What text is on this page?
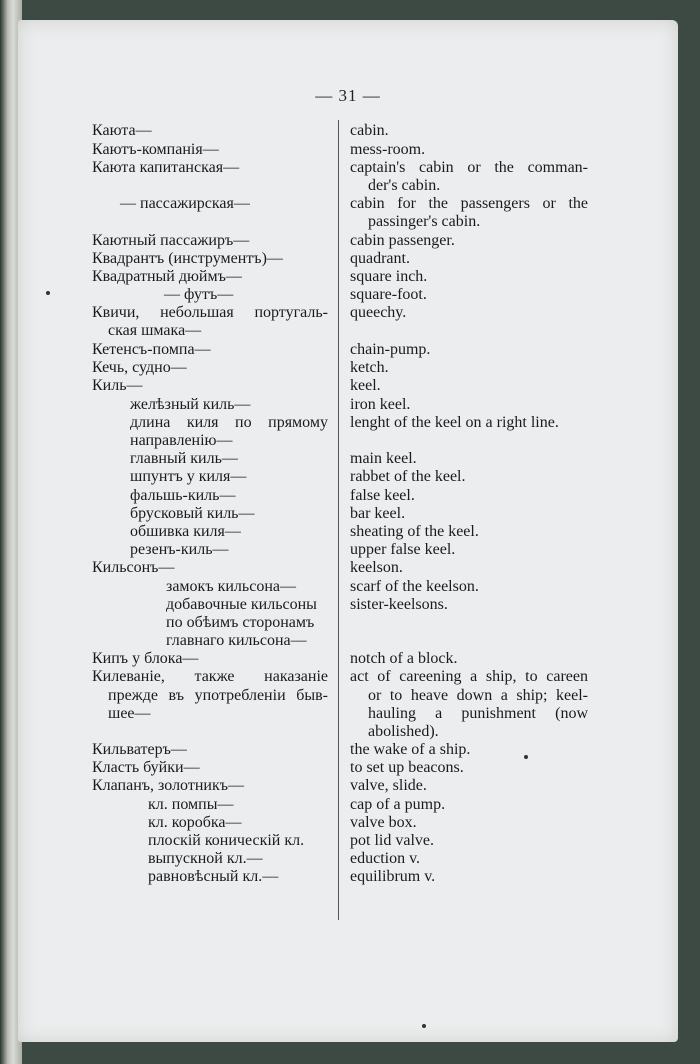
— 31 —
Каюта—
Каютъ-компанія—
Каюта капитанская—
— пассажирская—
Каютный пассажиръ—
Квадрантъ (инструментъ)—
Квадратный дюймъ—
— футъ—
Квичи, небольшая португаль-
ская шмака—
Кетенсъ-помпа—
Кечь, судно—
Киль—
желѣзный киль—
длина киля по прямому
направленію—
главный киль—
шпунтъ у киля—
фальшь-киль—
брусковый киль—
обшивка киля—
резенъ-киль—
Кильсонъ—
замокъ кильсона—
добавочные кильсоны
по обѣимъ сторонамъ
главнаго кильсона—
Кипъ у блока—
Килеваніе, также наказаніе
прежде въ употребленіи быв-
шее—
Кильватеръ—
Класть буйки—
Клапанъ, золотникъ—
кл. помпы—
кл. коробка—
плоскій коническій кл.
выпускной кл.—
равновѣсный кл.—
cabin.
mess-room.
captain's cabin or the comman-
der's cabin.
cabin for the passengers or the
passinger's cabin.
cabin passenger.
quadrant.
square inch.
square-foot.
queechy.
chain-pump.
ketch.
keel.
iron keel.
lenght of the keel on a right line.
main keel.
rabbet of the keel.
false keel.
bar keel.
sheating of the keel.
upper false keel.
keelson.
scarf of the keelson.
sister-keelsons.
notch of a block.
act of careening a ship, to careen
or to heave down a ship; keel-
hauling a punishment (now
abolished).
the wake of a ship.
to set up beacons.
valve, slide.
cap of a pump.
valve box.
pot lid valve.
eduction v.
equilibrum v.
